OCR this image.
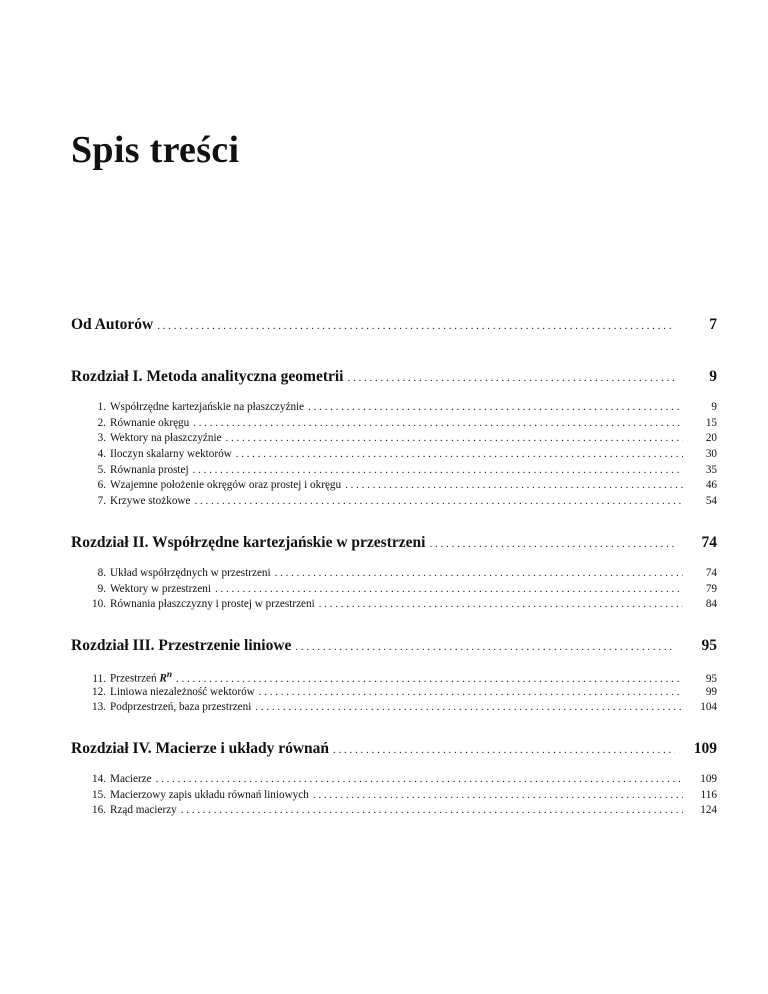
Spis treści
Od Autorów . . .	7
Rozdział I. Metoda analityczna geometrii . . .	9
1. Współrzędne kartezjańskie na płaszczyźnie . . .	9
2. Równanie okręgu . . .	15
3. Wektory na płaszczyźnie . . .	20
4. Iloczyn skalarny wektorów . . .	30
5. Równania prostej . . .	35
6. Wzajemne położenie okręgów oraz prostej i okręgu . . .	46
7. Krzywe stożkowe . . .	54
Rozdział II. Współrzędne kartezjańskie w przestrzeni . . .	74
8. Układ współrzędnych w przestrzeni . . .	74
9. Wektory w przestrzeni . . .	79
10. Równania płaszczyzny i prostej w przestrzeni . . .	84
Rozdział III. Przestrzenie liniowe . . .	95
11. Przestrzeń $R^n$ . . .	95
12. Liniowa niezależność wektorów . . .	99
13. Podprzestrzeń, baza przestrzeni . . .	104
Rozdział IV. Macierze i układy równań . . .	109
14. Macierze . . .	109
15. Macierzowy zapis układu równań liniowych . . .	116
16. Rząd macierzy . . .	124
